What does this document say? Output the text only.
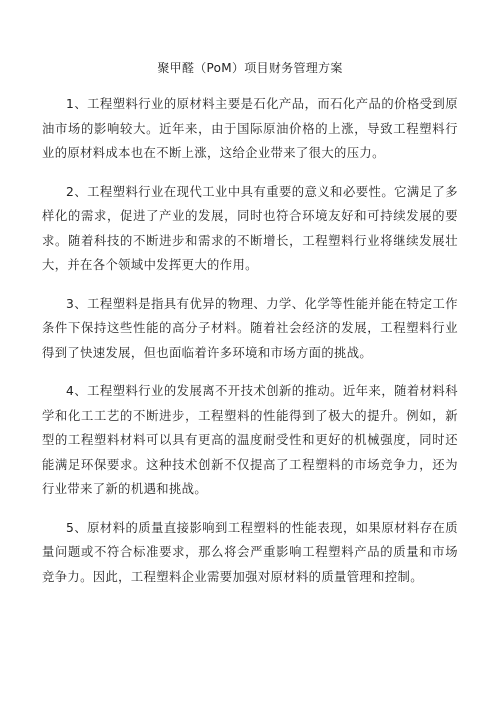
聚甲醛（PoM）项目财务管理方案

1、工程塑料行业的原材料主要是石化产品，而石化产品的价格受到原油市场的影响较大。近年来，由于国际原油价格的上涨，导致工程塑料行业的原材料成本也在不断上涨，这给企业带来了很大的压力。

2、工程塑料行业在现代工业中具有重要的意义和必要性。它满足了多样化的需求，促进了产业的发展，同时也符合环境友好和可持续发展的要求。随着科技的不断进步和需求的不断增长，工程塑料行业将继续发展壮大，并在各个领域中发挥更大的作用。

3、工程塑料是指具有优异的物理、力学、化学等性能并能在特定工作条件下保持这些性能的高分子材料。随着社会经济的发展，工程塑料行业得到了快速发展，但也面临着许多环境和市场方面的挑战。

4、工程塑料行业的发展离不开技术创新的推动。近年来，随着材料科学和化工工艺的不断进步，工程塑料的性能得到了极大的提升。例如，新型的工程塑料材料可以具有更高的温度耐受性和更好的机械强度，同时还能满足环保要求。这种技术创新不仅提高了工程塑料的市场竞争力，还为行业带来了新的机遇和挑战。

5、原材料的质量直接影响到工程塑料的性能表现，如果原材料存在质量问题或不符合标准要求，那么将会严重影响工程塑料产品的质量和市场竞争力。因此，工程塑料企业需要加强对原材料的质量管理和控制。
